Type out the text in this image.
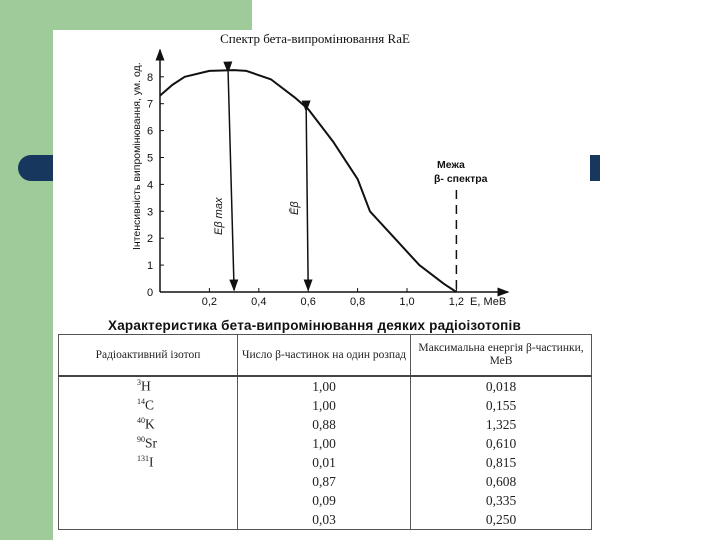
Спектр бета-випромінювання RaE
0
1
2
3
4
5
6
7
8
0,2	0,4	0,6	0,8	1,0	1,2 E, МеВ
Інтенсивність випромінювання, ум. од.	Eβ max	Ēβ
Межа
β- спектра
Характеристика бета-випромінювання деяких радіоізотопів
Радіоактивний ізотоп	Число β-частинок на один розпад	Максимальна енергія β-частинки, МеВ
$^3$H	1,00	0,018
$^{14}$C	1,00	0,155
$^{40}$K	0,88	1,325
$^{90}$Sr	1,00	0,610
$^{131}$I	0,01	0,815
	0,87	0,608
	0,09	0,335
	0,03	0,250
